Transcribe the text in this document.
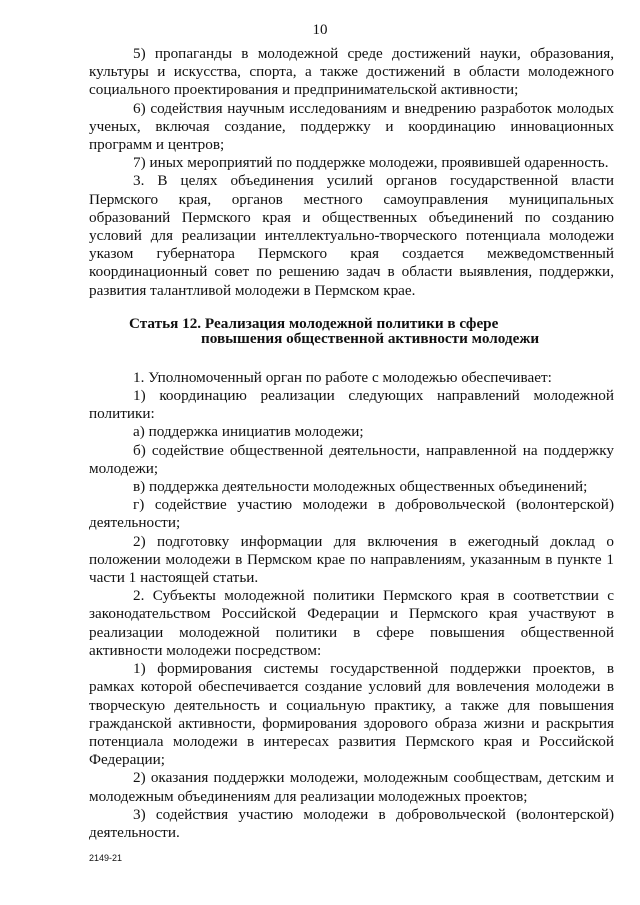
10

5) пропаганды в молодежной среде достижений науки, образования, культуры и искусства, спорта, а также достижений в области молодежного социального проектирования и предпринимательской активности;

6) содействия научным исследованиям и внедрению разработок молодых ученых, включая создание, поддержку и координацию инновационных программ и центров;

7) иных мероприятий по поддержке молодежи, проявившей одаренность.

3. В целях объединения усилий органов государственной власти Пермского края, органов местного самоуправления муниципальных образований Пермского края и общественных объединений по созданию условий для реализации интеллектуально-творческого потенциала молодежи указом губернатора Пермского края создается межведомственный координационный совет по решению задач в области выявления, поддержки, развития талантливой молодежи в Пермском крае.

Статья 12. Реализация молодежной политики в сфере
повышения общественной активности молодежи

1. Уполномоченный орган по работе с молодежью обеспечивает:

1) координацию реализации следующих направлений молодежной политики:

а) поддержка инициатив молодежи;

б) содействие общественной деятельности, направленной на поддержку молодежи;

в) поддержка деятельности молодежных общественных объединений;

г) содействие участию молодежи в добровольческой (волонтерской) деятельности;

2) подготовку информации для включения в ежегодный доклад о положении молодежи в Пермском крае по направлениям, указанным в пункте 1 части 1 настоящей статьи.

2. Субъекты молодежной политики Пермского края в соответствии с законодательством Российской Федерации и Пермского края участвуют в реализации молодежной политики в сфере повышения общественной активности молодежи посредством:

1) формирования системы государственной поддержки проектов, в рамках которой обеспечивается создание условий для вовлечения молодежи в творческую деятельность и социальную практику, а также для повышения гражданской активности, формирования здорового образа жизни и раскрытия потенциала молодежи в интересах развития Пермского края и Российской Федерации;

2) оказания поддержки молодежи, молодежным сообществам, детским и молодежным объединениям для реализации молодежных проектов;

3) содействия участию молодежи в добровольческой (волонтерской) деятельности.

2149-21
